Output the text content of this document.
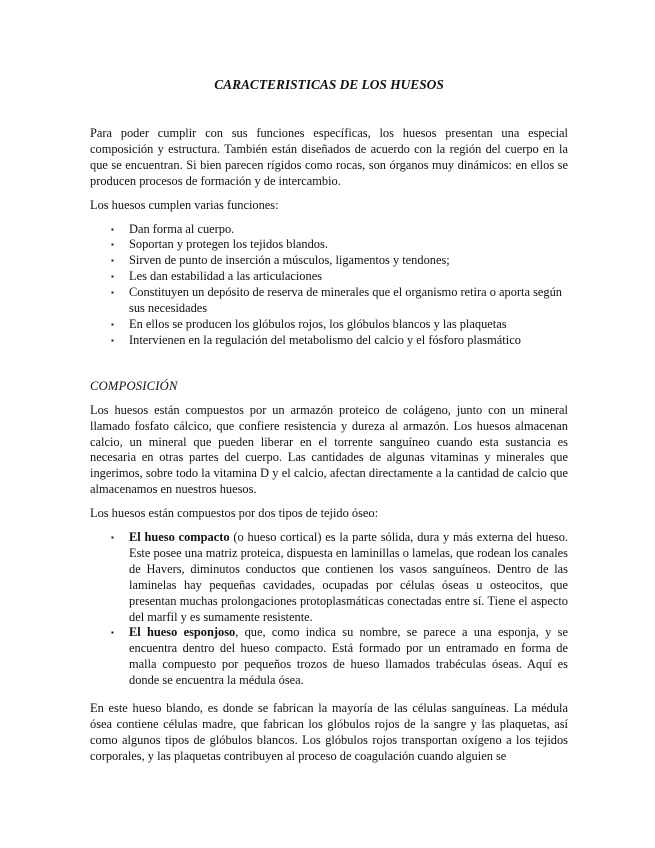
CARACTERISTICAS DE LOS HUESOS

Para poder cumplir con sus funciones específicas, los huesos presentan una especial composición y estructura. También están diseñados de acuerdo con la región del cuerpo en la que se encuentran. Si bien parecen rígidos como rocas, son órganos muy dinámicos: en ellos se producen procesos de formación y de intercambio.

Los huesos cumplen varias funciones:

▪ Dan forma al cuerpo.
▪ Soportan y protegen los tejidos blandos.
▪ Sirven de punto de inserción a músculos, ligamentos y tendones;
▪ Les dan estabilidad a las articulaciones
▪ Constituyen un depósito de reserva de minerales que el organismo retira o aporta según sus necesidades
▪ En ellos se producen los glóbulos rojos, los glóbulos blancos y las plaquetas
▪ Intervienen en la regulación del metabolismo del calcio y el fósforo plasmático
COMPOSICIÓN

Los huesos están compuestos por un armazón proteico de colágeno, junto con un mineral llamado fosfato cálcico, que confiere resistencia y dureza al armazón. Los huesos almacenan calcio, un mineral que pueden liberar en el torrente sanguíneo cuando esta sustancia es necesaria en otras partes del cuerpo. Las cantidades de algunas vitaminas y minerales que ingerimos, sobre todo la vitamina D y el calcio, afectan directamente a la cantidad de calcio que almacenamos en nuestros huesos.

Los huesos están compuestos por dos tipos de tejido óseo:

▪ El hueso compacto (o hueso cortical) es la parte sólida, dura y más externa del hueso. Este posee una matriz proteica, dispuesta en laminillas o lamelas, que rodean los canales de Havers, diminutos conductos que contienen los vasos sanguíneos. Dentro de las laminelas hay pequeñas cavidades, ocupadas por células óseas u osteocitos, que presentan muchas prolongaciones protoplasmáticas conectadas entre sí. Tiene el aspecto del marfil y es sumamente resistente.
▪ El hueso esponjoso, que, como indica su nombre, se parece a una esponja, y se encuentra dentro del hueso compacto. Está formado por un entramado en forma de malla compuesto por pequeños trozos de hueso llamados trabéculas óseas. Aquí es donde se encuentra la médula ósea.

En este hueso blando, es donde se fabrican la mayoría de las células sanguíneas. La médula ósea contiene células madre, que fabrican los glóbulos rojos de la sangre y las plaquetas, así como algunos tipos de glóbulos blancos. Los glóbulos rojos transportan oxígeno a los tejidos corporales, y las plaquetas contribuyen al proceso de coagulación cuando alguien se
